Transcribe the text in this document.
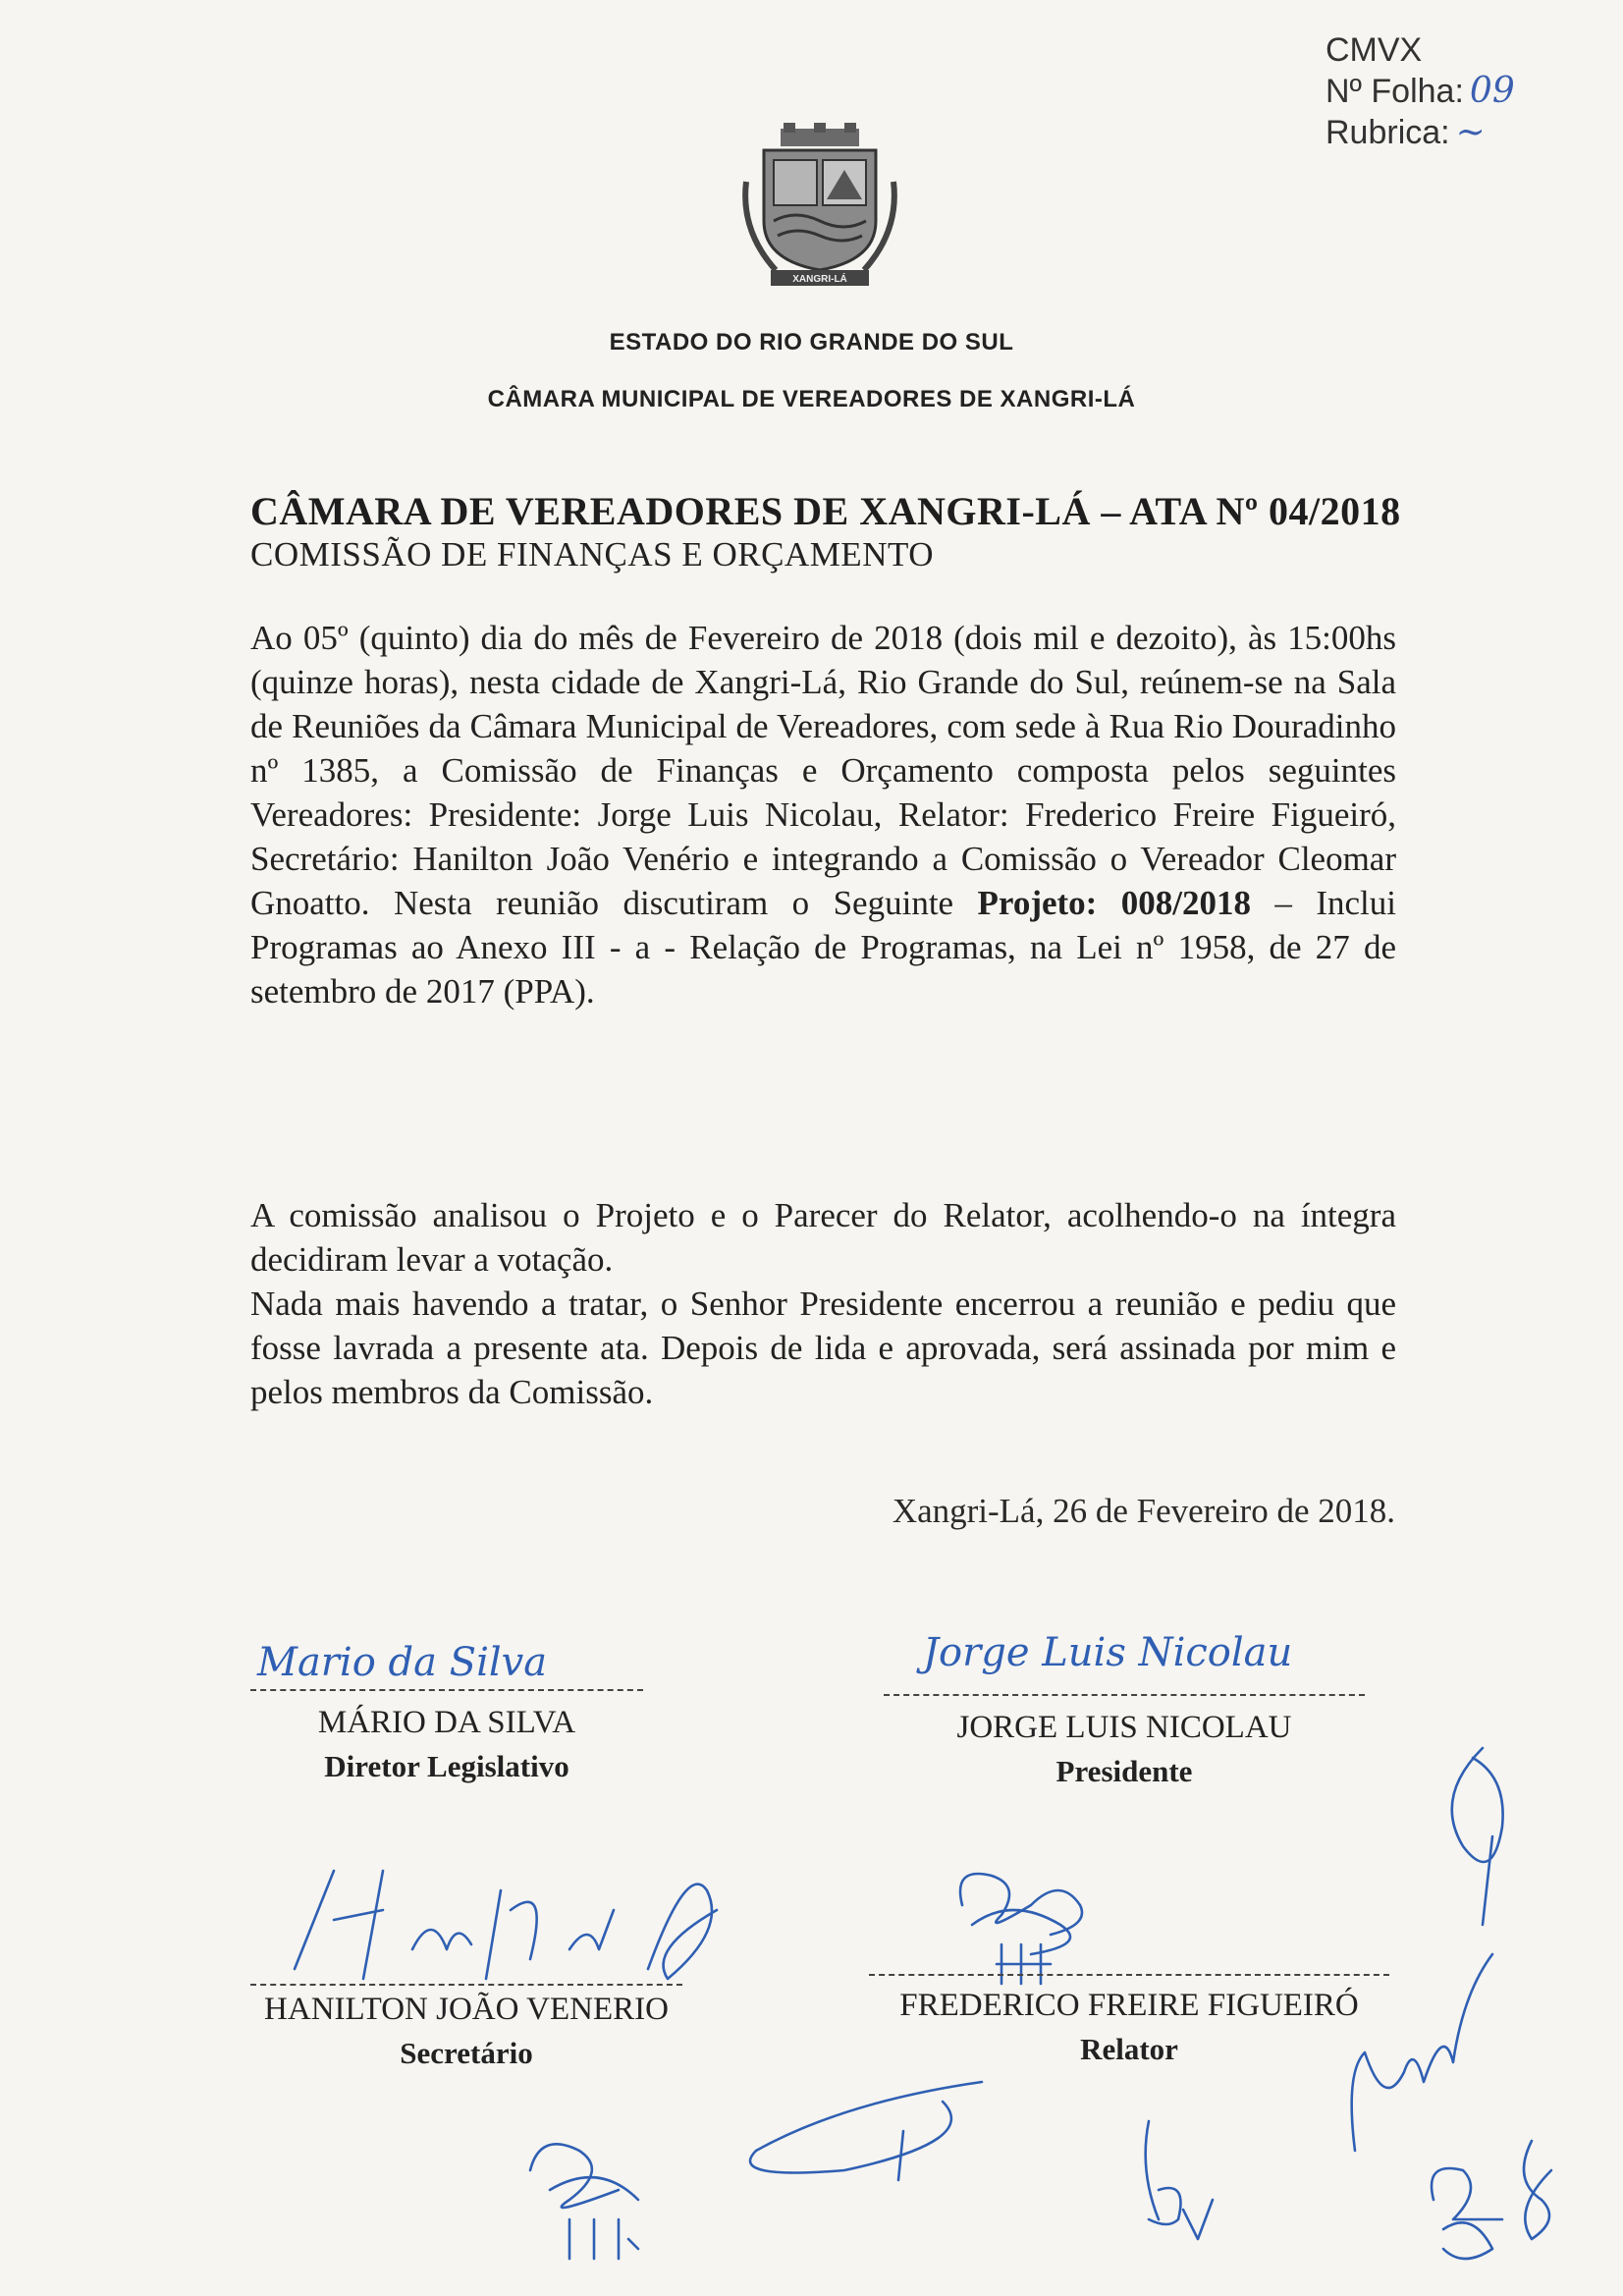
CMVX
Nº Folha: 09
Rubrica: ~
XANGRI-LÁ
ESTADO DO RIO GRANDE DO SUL
CÂMARA MUNICIPAL DE VEREADORES DE XANGRI-LÁ
CÂMARA DE VEREADORES DE XANGRI-LÁ – ATA Nº 04/2018
COMISSÃO DE FINANÇAS E ORÇAMENTO
Ao 05º (quinto) dia do mês de Fevereiro de 2018 (dois mil e dezoito), às 15:00hs (quinze horas), nesta cidade de Xangri-Lá, Rio Grande do Sul, reúnem-se na Sala de Reuniões da Câmara Municipal de Vereadores, com sede à Rua Rio Douradinho nº 1385, a Comissão de Finanças e Orçamento composta pelos seguintes Vereadores: Presidente: Jorge Luis Nicolau, Relator: Frederico Freire Figueiró, Secretário: Hanilton João Venério e integrando a Comissão o Vereador Cleomar Gnoatto. Nesta reunião discutiram o Seguinte Projeto: 008/2018 – Inclui Programas ao Anexo III - a - Relação de Programas, na Lei nº 1958, de 27 de setembro de 2017 (PPA).
A comissão analisou o Projeto e o Parecer do Relator, acolhendo-o na íntegra decidiram levar a votação.
Nada mais havendo a tratar, o Senhor Presidente encerrou a reunião e pediu que fosse lavrada a presente ata. Depois de lida e aprovada, será assinada por mim e pelos membros da Comissão.
Xangri-Lá, 26 de Fevereiro de 2018.
Mario da Silva
MÁRIO DA SILVA
Diretor Legislativo
Jorge Luis Nicolau
JORGE LUIS NICOLAU
Presidente
HANILTON JOÃO VENERIO
Secretário
FREDERICO FREIRE FIGUEIRÓ
Relator
